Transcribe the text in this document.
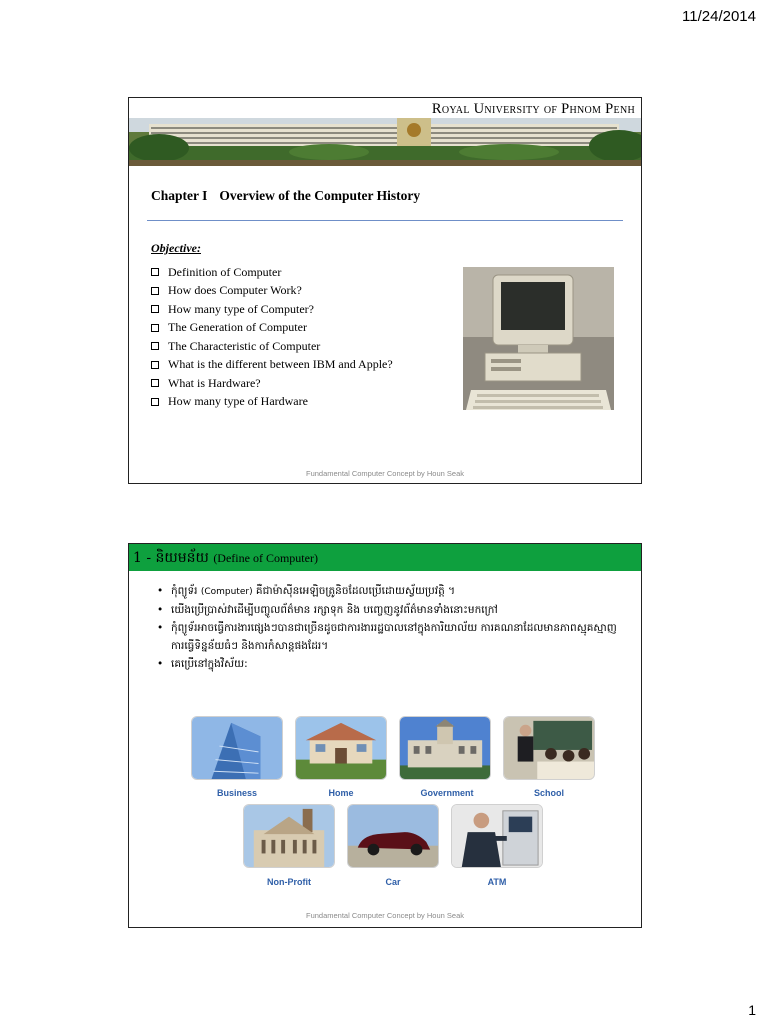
11/24/2014
Royal University of Phnom Penh
Chapter I Overview of the Computer History
Objective:
Definition of Computer
How does Computer Work?
How many type of Computer?
The Generation of Computer
The Characteristic of Computer
What is the different between IBM and Apple?
What is Hardware?
How many type of Hardware
Fundamental Computer Concept by Houn Seak
1 - និយមន័យ (Define of Computer)
• កុំព្យូទ័រ (Computer) គឺជាម៉ាស៊ីនអេឡិចត្រូនិចដែលប្រើដោយស្វ័យប្រវត្តិ ។
• យើងប្រើប្រាស់វាដើម្បីបញ្ចូលព័ត៌មាន រក្សាទុក និង បញ្ចេញនូវព័ត៌មានទាំងនោះមកក្រៅ
• កុំព្យូទ័រអាចធ្វើការងារផ្សេងៗបានជាច្រើនដូចជាការងាររដ្ឋបាលនៅក្នុងការិយាល័យ ការគណនាដែលមានភាពស្មុគស្មាញ ការធ្វើទិន្នន័យធំៗ និងការកំសាន្តផងដែរ។
• គេប្រើនៅក្នុងវិស័យ:
Business	Home	Government	School
Non-Profit	Car	ATM
Fundamental Computer Concept by Houn Seak
1
